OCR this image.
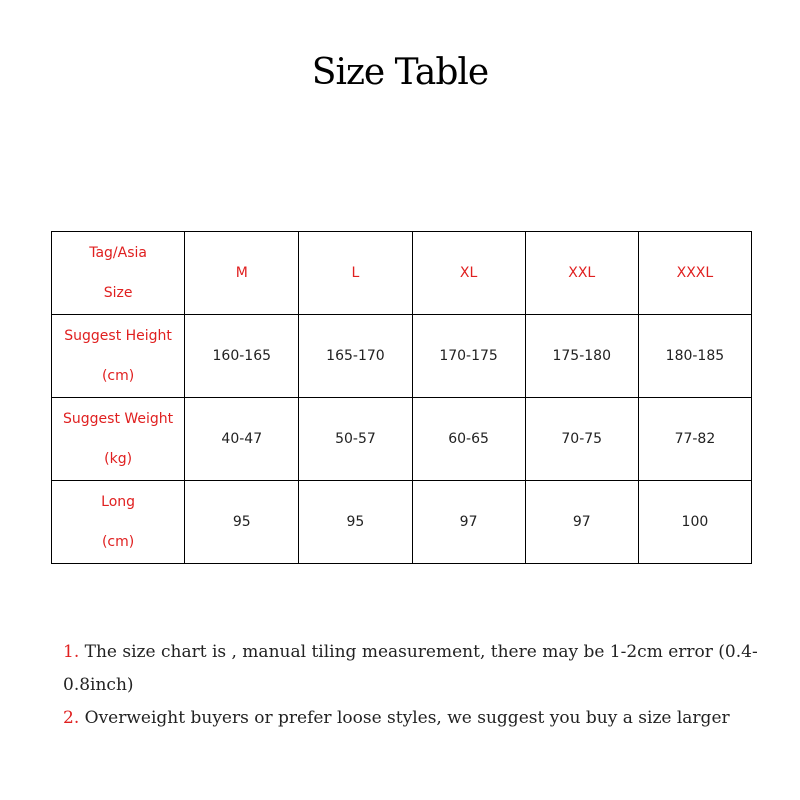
Size Table
Tag/Asia
Size	M	L	XL	XXL	XXXL

Suggest Height
(cm)	160-165	165-170	170-175	175-180	180-185

Suggest Weight
(kg)	40-47	50-57	60-65	70-75	77-82

Long
(cm)	95	95	97	97	100
1. The size chart is , manual tiling measurement, there may be 1-2cm error (0.4-0.8inch)
2. Overweight buyers or prefer loose styles, we suggest you buy a size larger
